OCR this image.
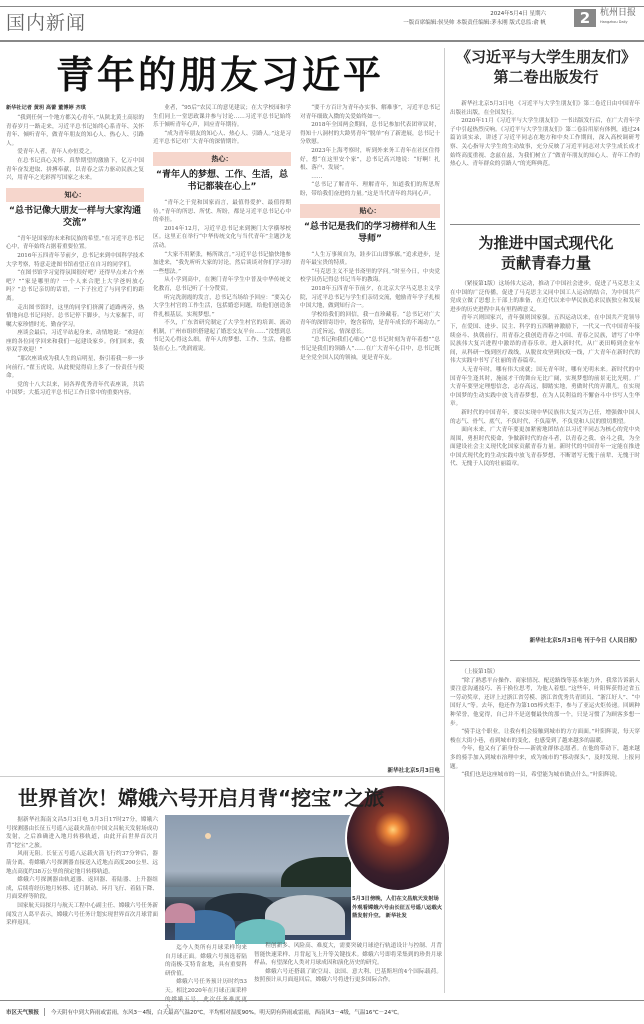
国内新闻	2024年5月4日 星期六
一版首席编辑:侯昊帅 本版责任编辑:茅永刚 版式总监:俞 帆	2	杭州日报
Hangzhou Daily
青年的朋友习近平
新华社记者 黄玥 高蕾 董博婷 齐琪

“我到任何一个地方都关心青年。”从陕北黄土高原的青春岁月一路走来，习近平总书记始终心系青年、关怀青年、倾听青年，做青年朋友的知心人、热心人、引路人。

爱青年人者，青年人亦恒爱之。

在总书记真心关怀、真挚期望的激励下，亿万中国青年奋发进取、拼搏奉献，以青春之活力驱动民族之复兴，用青年之光彩挥写国家之未来。

知心：
“总书记像大朋友一样与大家沟通交流”

“青年是国家的未来和民族的希望。”在习近平总书记心中，青年始终占据着重要位置。

2016年五四青年节前夕，总书记来到中国科学技术大学考察，特意走进图书馆看望正在自习的同学们。

“在图书馆学习觉得氛围很好吧？还得早点来占个座吧？”“家是哪里的？一个人来合肥上大学爸妈放心吗？”总书记亲切的话语，一下子拉近了与同学们的距离。

走出图书馆时，这里的同学们挤满了道路两旁，热情地向总书记问好。总书记停下脚步，与大家握手，叮嘱大家珍惜时光、勤奋学习。

座谈会最后，习近平站起身来，动情地说：“欢迎在座的各位同学回来和我们一起建设家乡。你们回来，我举双手欢迎！”

“那次座谈成为我人生的启明星，指引着我一步一步向前行。”翟玉虎说，从此便觉得肩上多了一份责任与使命。

党的十八大以来，同各界优秀青年代表座谈，共话中国梦；大抵习近平总书记工作日常中的重要内容。

业者，“95后”农民工的意见建议；在大学校园和学生们同上一堂思政课并参与讨论……习近平总书记始终乐于倾听青年心声，回应青年期待。

“成为青年朋友的知心人、热心人、引路人。”这是习近平总书记对广大青年的深情期许。

热心：
“青年人的梦想、工作、生活，总书记都装在心上”

“青年之于党和国家而言，最值得爱护、最值得期待。”青年的所思、所忧、所盼，都是习近平总书记心中的牵挂。

2014年12月，习近平总书记来到澳门大学横琴校区。这里正在举行“中华传统文化与当代青年”主题沙龙活动。

“大家不用紧张，畅所欲言。”习近平总书记愉快地参加进来，“我先听听大家的讨论，然后谈谈对你们学习的一些想法。”

从小学到高中，在澳门青年学生中普及中华传统文化教育，总书记听了十分赞赏。

听完冼润霞的发言，总书记当场给予回应：“要关心大学生村官的工作生活，包括婚恋问题，给他们创造条件扎根基层，实现梦想。”

不久，广东省研究制定了大学生村官的培训、流动机制，广州市组织搭建起了婚恋交友平台……“没想到总书记关心得这么细。青年人的梦想、工作、生活，他都装在心上。”冼润霞说。

“要千方百计为青年办实事、解难事”，习近平总书记对青年细致入微的关爱始终如一。

2018年全国两会期间，总书记参加代表团审议时，得知十八洞村的大龄男青年“脱单”有了新进展，总书记十分欣慰。

2023年上海考察时，听到外来务工青年在社区住得好，想“在这里安个家”，总书记高兴地说：“好啊！扎根、落户、发展”。

……

“总书记了解青年、理解青年，知道我们的所思所盼，带给我们奋进的力量。”这是当代青年的共同心声。

贴心：
“总书记是我们的学习榜样和人生导师”

“人生万事须自为，跬步江山即寥廓。”追求进步，是青年最宝贵的特质。

“马克思主义不是书斋里的学问。”时至今日，中央党校学员仍记得总书记当年的教诲。

2018年五四青年节前夕，在北京大学马克思主义学院，习近平总书记与学生们亲切交流，勉励青年学子扎根中国大地，做到知行合一。

学校给我们的回信，我一直珍藏着。“总书记对广大青年的深情寄语中，饱含着的，是青年成长的不竭动力。”

言近旨远，情深意长。

“总书记和我们心贴心”“总书记时刻为青年着想”“总书记是我们的领路人”……在广大青年心目中，总书记既是全党全国人民的领袖，更是青年友。

新华社北京5月3日电
《习近平与大学生朋友们》
第二卷出版发行

新华社北京5月3日电 《习近平与大学生朋友们》第二卷近日由中国青年出版社出版，在全国发行。

2020年11月《习近平与大学生朋友们》一书出版发行后，在广大青年学子中引起热烈反响。《习近平与大学生朋友们》第二卷沿用原有体例，通过24篇访谈实录，讲述了习近平同志在地方和中央工作期间，深入高校调研考察、关心指导大学生的生动故事，充分反映了习近平同志对大学生成长成才始终高度重视、念兹在兹，为我们树立了“做青年朋友的知心人、青年工作的热心人、青年群众的引路人”的光辉典范。

为推进中国式现代化
贡献青春力量

（紧接第1版）这场伟大运动，推动了中国社会进步，促进了马克思主义在中国的广泛传播，促进了马克思主义同中国工人运动的结合，为中国共产党成立做了思想上干部上的准备，在近代以来中华民族追求民族独立和发展进步的历史进程中具有里程碑意义。

青年兴则国家兴，青年强则国家强。五四运动以来，在中国共产党领导下，在爱国、进步、民主、科学的五四精神激励下，一代又一代中国青年接续奋斗、执戟前行，用青春之我创造青春之中国、青春之民族，谱写了中华民族伟大复兴进程中激昂的青春乐章。进入新时代，从广袤田畴到企业车间，从科研一线到医疗战线，从脱贫攻坚到抗疫一线，广大青年在新时代的伟大实践中书写了壮丽的青春篇章。

人无青年时，哪有伟大成就；国无青年时，哪有光明未来。新时代的中国青年生逢其时，施展才干的舞台无比广阔，实现梦想的前景无比光明。广大青年要坚定理想信念，志存高远，脚踏实地，勇做时代的弄潮儿，在实现中国梦的生动实践中放飞青春梦想，在为人民利益的不懈奋斗中书写人生华章。

新时代的中国青年，要以实现中华民族伟大复兴为己任，增强做中国人的志气、骨气、底气，不负时代，不负韶华，不负党和人民的殷切期望。

面向未来，广大青年要更加紧密地团结在以习近平同志为核心的党中央周围，勇担时代使命，争做新时代的奋斗者，以青春之我、奋斗之我，为全面建设社会主义现代化国家贡献青春力量。新时代的中国青年一定能在推进中国式现代化的生动实践中放飞青春梦想，不断谱写无愧于前辈、无愧于时代、无愧于人民的壮丽篇章。

新华社北京5月3日电 刊于今日《人民日报》

（上接第1版）

“除了熟悉平台操作、商家情况、配送路线等基本能力外，我常告诉新人要注意沟通技巧、善于换位思考，为他人着想。”这些年，叶阳辉获得过省五一劳动奖章，还评上过浙江省劳模、浙江省优秀共青团员、“浙江好人”、“中国好人”等。去年，他还作为第105棒火炬手，参与了亚运火炬传递。回顾种种荣誉，他觉得，自己并不是送餐最快的那一个，只是习惯了为顾客多想一步。

“骑手这个职业，让我有机会接触到城市的方方面面。”叶阳辉说，每天穿梭在大街小巷，看到城市的变化，也感受到了越来越多的温暖。

今年，他又有了新身份——新就业群体志愿者。在他的带动下，越来越多的骑手加入到城市治理中来，成为城市的“移动探头”，及时发现、上报问题。

“我们也是这座城市的一员，希望能为城市做点什么。”叶阳辉说。

世界首次！嫦娥六号开启月背“挖宝”之旅

据新华社海南文昌5月3日电 5月3日17时27分，嫦娥六号探测器由长征五号遥八运载火箭在中国文昌航天发射场成功发射，之后准确进入地月转移轨道，由此开启世界首次月背“挖宝”之旅。

风雨无阻。长征五号遥八运载火箭飞行约37分钟后，器箭分离，将嫦娥六号探测器直接送入近地点高度200公里、远地点高度约38万公里的预定地月转移轨道。

嫦娥六号探测器由轨道器、返回器、着陆器、上升器组成，后续将经历地月转移、近月制动、环月飞行、着陆下降、月面采样等阶段。

国家航天局探月与航天工程中心副主任、嫦娥六号任务新闻发言人葛平表示，嫦娥六号任务计划实现世界首次月球背面采样返回。

5月3日傍晚，人们在文昌航天发射场外观看嫦娥六号由长征五号遥八运载火箭发射升空。 新华社发

迄今人类所有月球采样均来自月球正面。嫦娥六号预选着陆的南极-艾特肯盆地，具有重要科研价值。

嫦娥六号任务预计历时约53天。相比2020年在月球正面采样 大。

程创新多、风险高、难度大，需要突破月球逆行轨道设计与控制、月背智能快速采样、月背起飞上升等关键技术。嫦娥六号即将采集到的珍贵月球样品，有望深化人类对月球成因和演化历史的研究。

嫦娥六号还搭载了欧空局、法国、意大利、巴基斯坦的4个国际载荷。按照预计从月面返回后，嫦娥六号将进行更多国际合作。

市区天气预报	今天阴有中到大阵雨或雷雨，东风3－4级，白天最高气温20℃，平均相对湿度90%。明天阴有阵雨或雷雨，西南风3－4级，气温16℃－24℃。
